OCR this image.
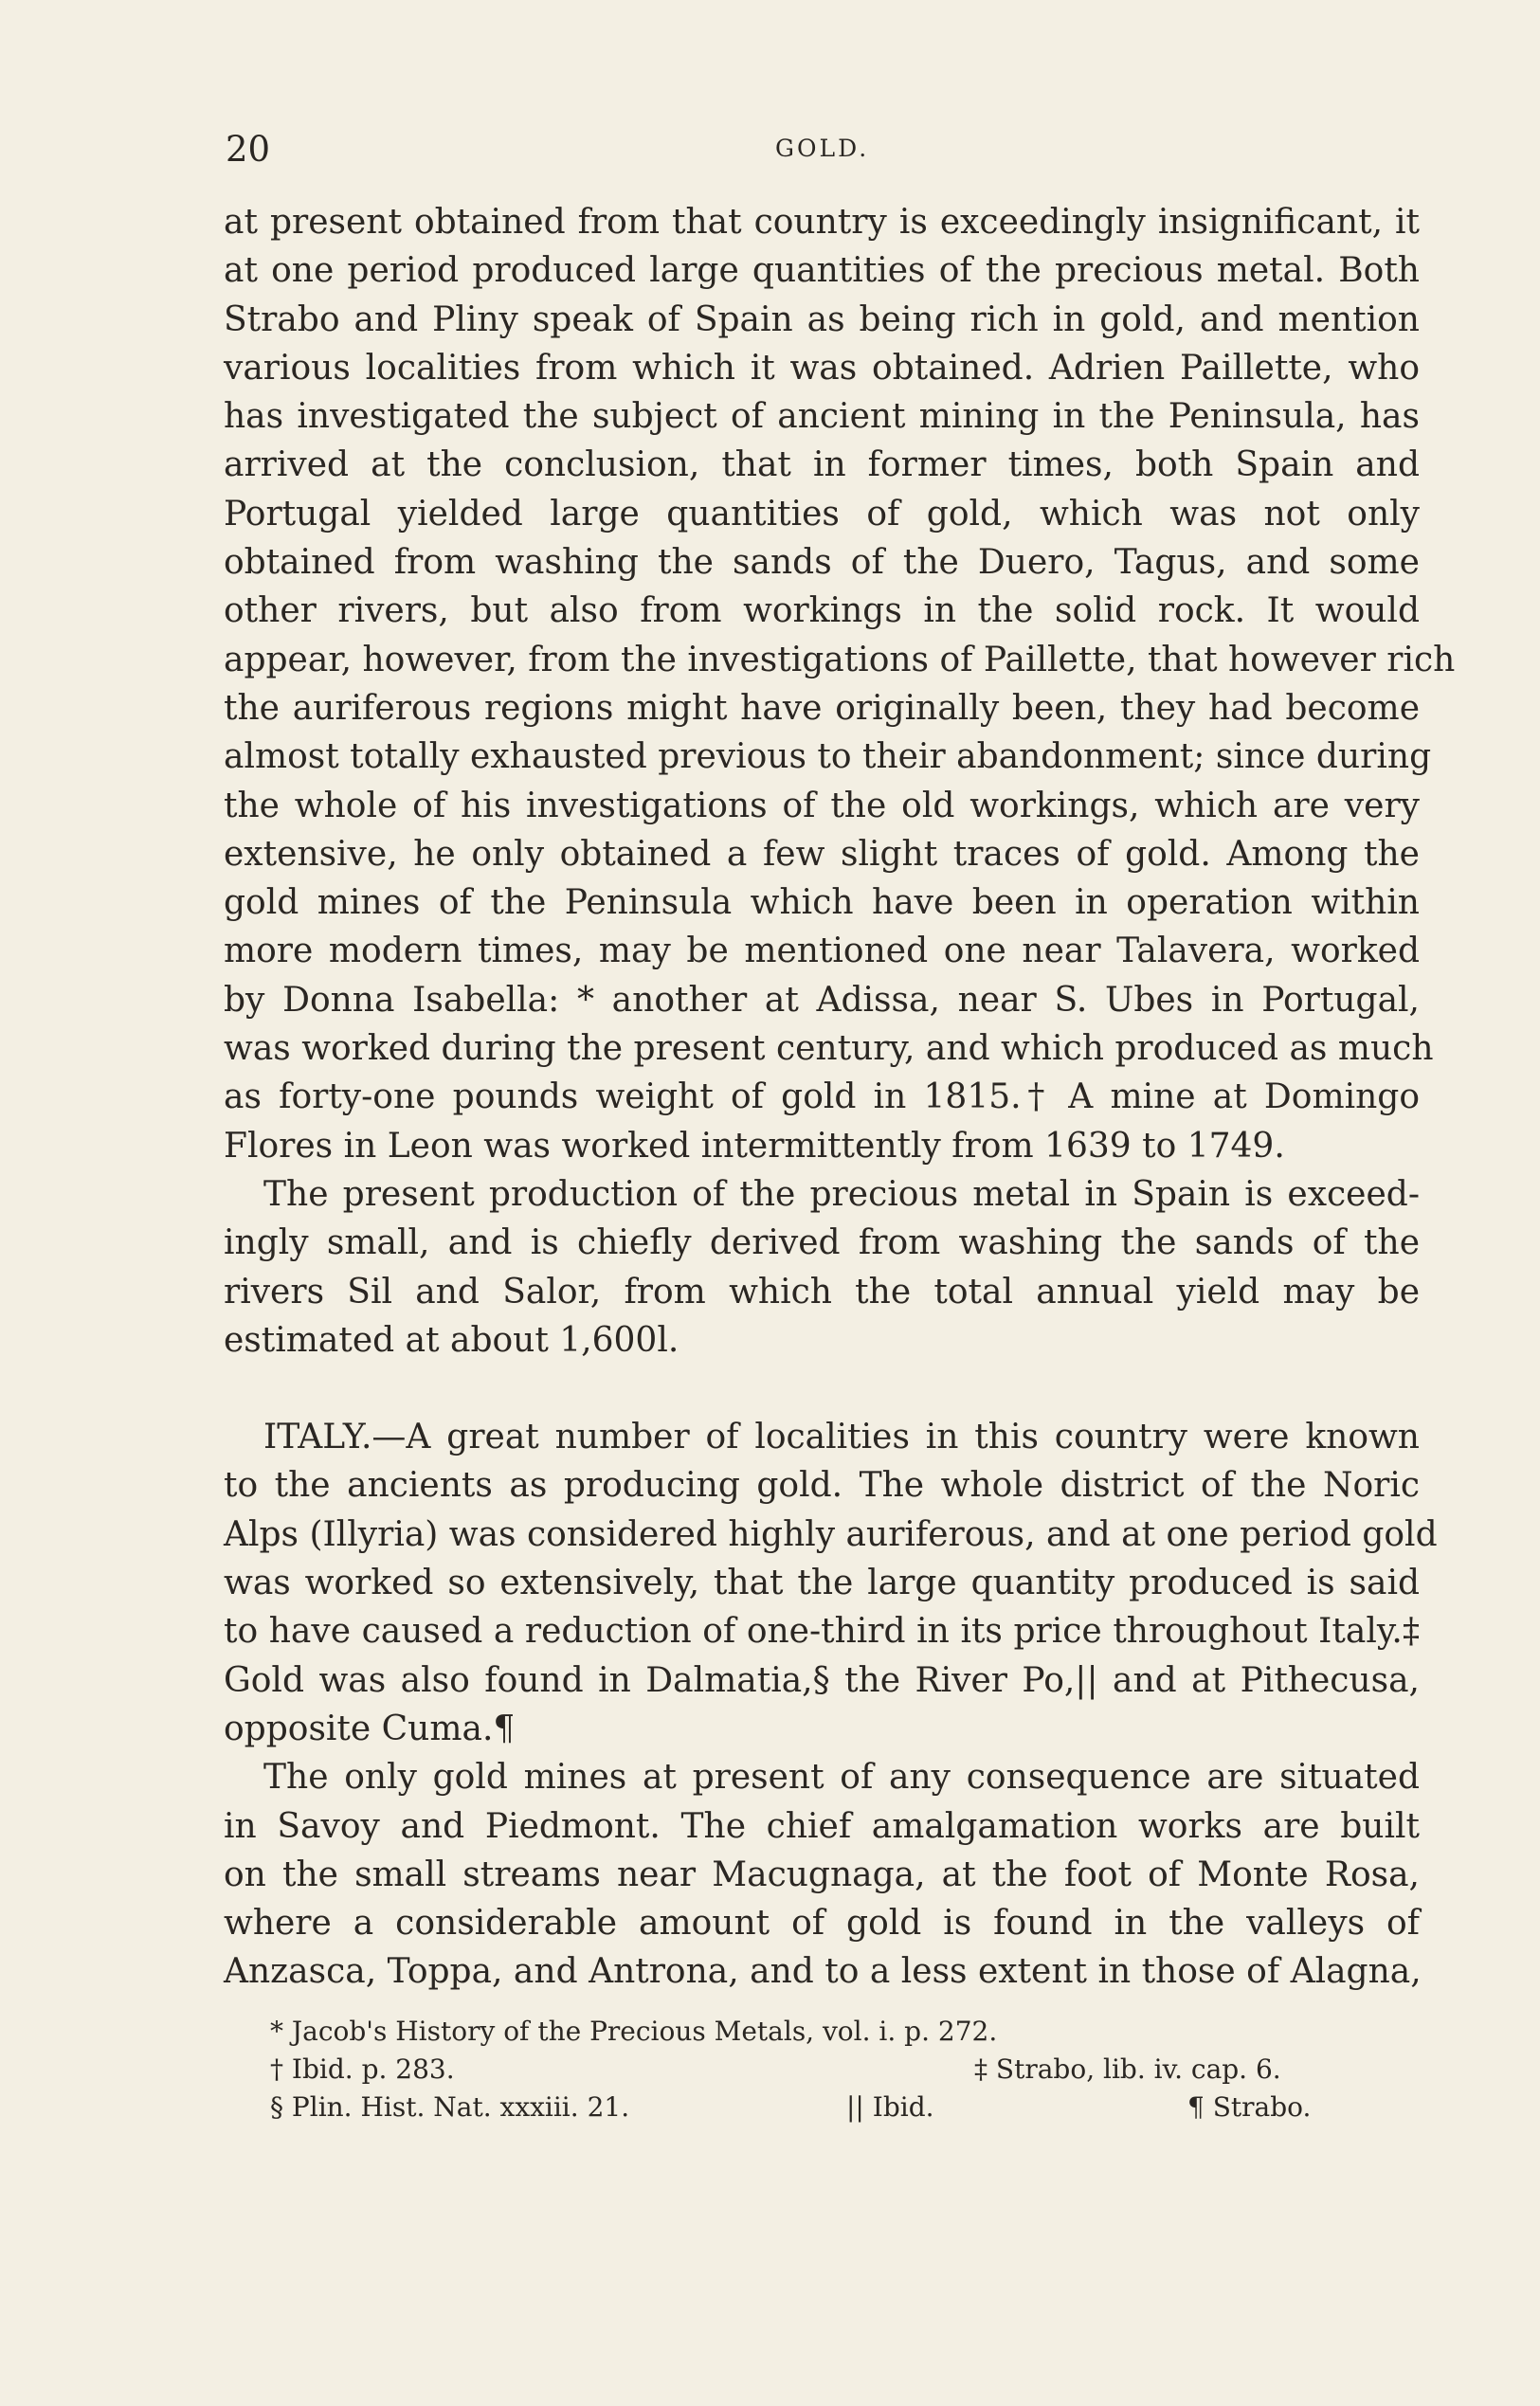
20	GOLD.
at present obtained from that country is exceedingly insignificant, it
at one period produced large quantities of the precious metal. Both
Strabo and Pliny speak of Spain as being rich in gold, and mention
various localities from which it was obtained. Adrien Paillette, who
has investigated the subject of ancient mining in the Peninsula, has
arrived at the conclusion, that in former times, both Spain and
Portugal yielded large quantities of gold, which was not only
obtained from washing the sands of the Duero, Tagus, and some
other rivers, but also from workings in the solid rock. It would
appear, however, from the investigations of Paillette, that however rich
the auriferous regions might have originally been, they had become
almost totally exhausted previous to their abandonment; since during
the whole of his investigations of the old workings, which are very
extensive, he only obtained a few slight traces of gold. Among the
gold mines of the Peninsula which have been in operation within
more modern times, may be mentioned one near Talavera, worked
by Donna Isabella: * another at Adissa, near S. Ubes in Portugal,
was worked during the present century, and which produced as much
as forty-one pounds weight of gold in 1815.† A mine at Domingo
Flores in Leon was worked intermittently from 1639 to 1749.
The present production of the precious metal in Spain is exceed-
ingly small, and is chiefly derived from washing the sands of the
rivers Sil and Salor, from which the total annual yield may be
estimated at about 1,600l.
ITALY.—A great number of localities in this country were known
to the ancients as producing gold. The whole district of the Noric
Alps (Illyria) was considered highly auriferous, and at one period gold
was worked so extensively, that the large quantity produced is said
to have caused a reduction of one-third in its price throughout Italy.‡
Gold was also found in Dalmatia,§ the River Po,|| and at Pithecusa,
opposite Cuma.¶
The only gold mines at present of any consequence are situated
in Savoy and Piedmont. The chief amalgamation works are built
on the small streams near Macugnaga, at the foot of Monte Rosa,
where a considerable amount of gold is found in the valleys of
Anzasca, Toppa, and Antrona, and to a less extent in those of Alagna,
* Jacob's History of the Precious Metals, vol. i. p. 272.
† Ibid. p. 283.	‡ Strabo, lib. iv. cap. 6.
§ Plin. Hist. Nat. xxxiii. 21.	|| Ibid.	¶ Strabo.
